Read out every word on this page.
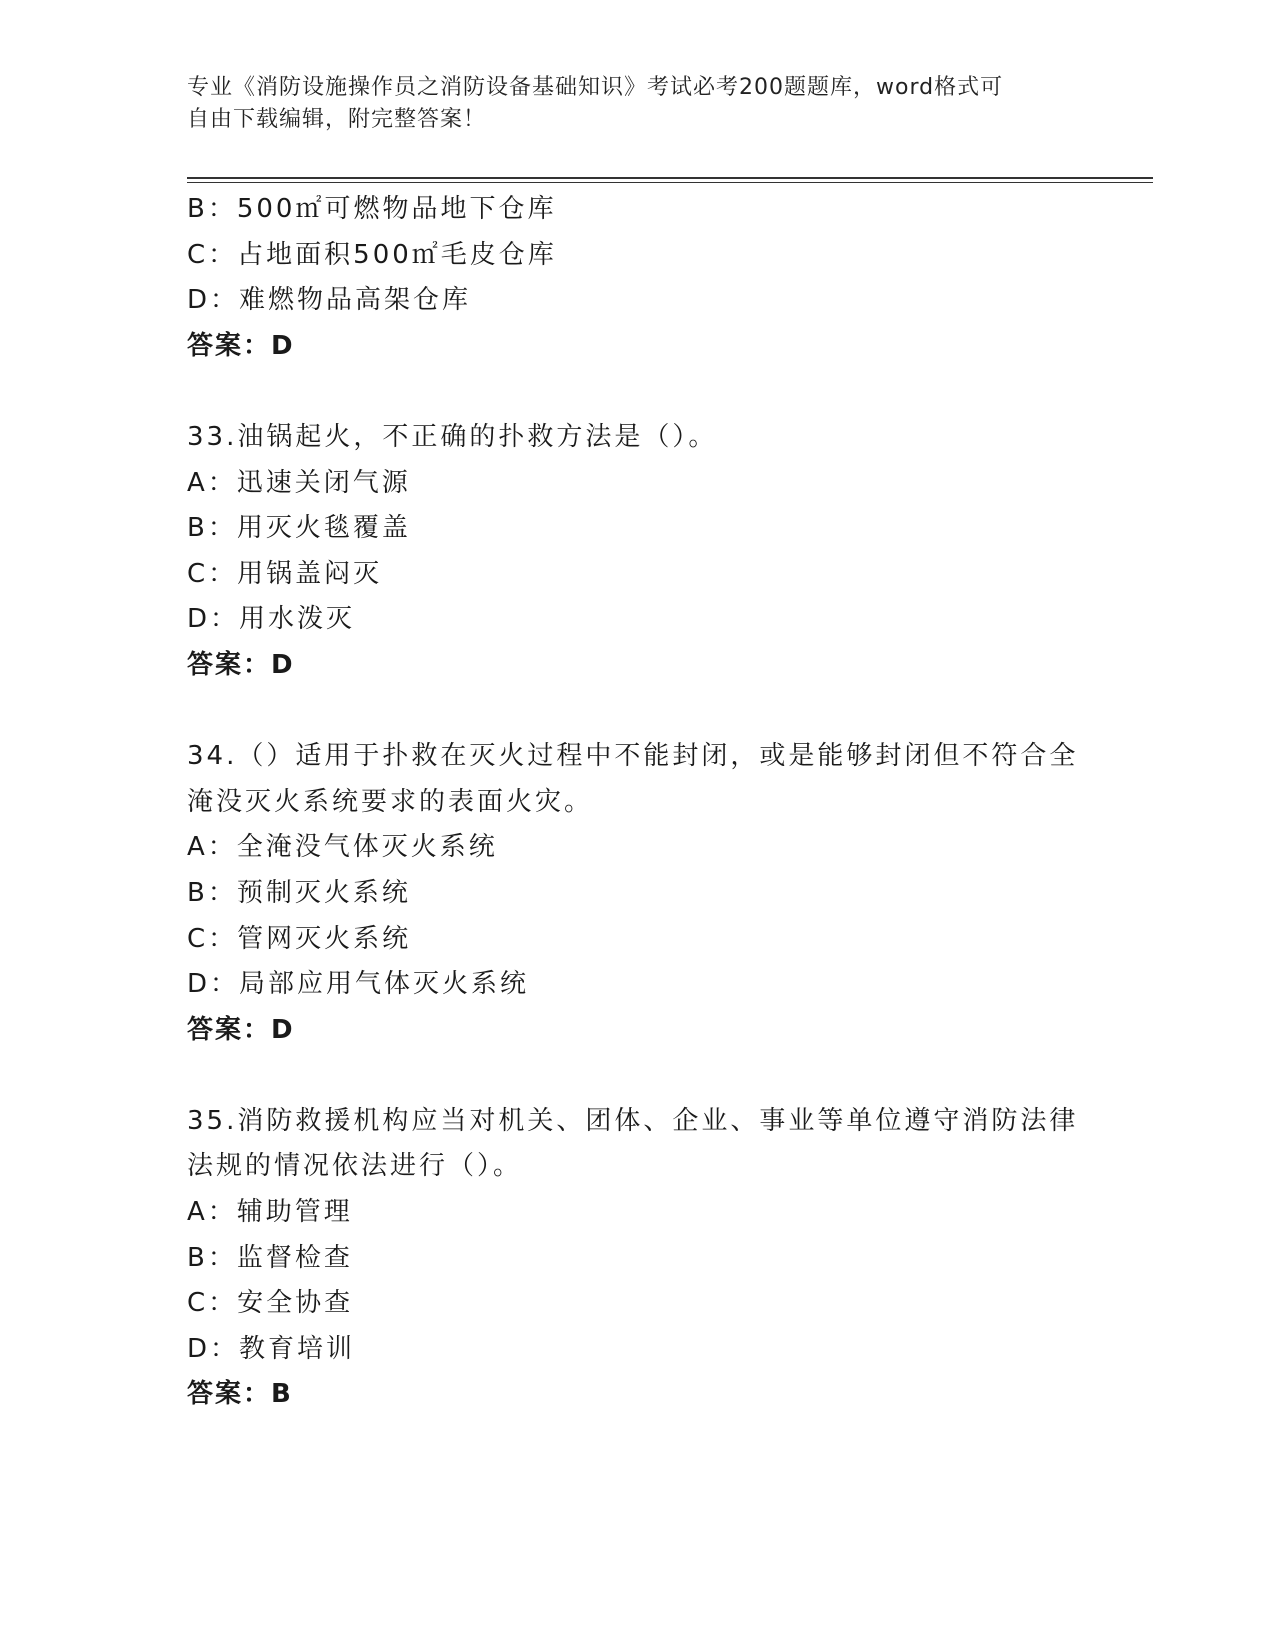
专业《消防设施操作员之消防设备基础知识》考试必考200题题库，word格式可
自由下载编辑，附完整答案！
B：500㎡可燃物品地下仓库
C：占地面积500㎡毛皮仓库
D：难燃物品高架仓库
答案：D
33.油锅起火，不正确的扑救方法是（）。
A：迅速关闭气源
B：用灭火毯覆盖
C：用锅盖闷灭
D：用水泼灭
答案：D
34.（）适用于扑救在灭火过程中不能封闭，或是能够封闭但不符合全
淹没灭火系统要求的表面火灾。
A：全淹没气体灭火系统
B：预制灭火系统
C：管网灭火系统
D：局部应用气体灭火系统
答案：D
35.消防救援机构应当对机关、团体、企业、事业等单位遵守消防法律
法规的情况依法进行（）。
A：辅助管理
B：监督检查
C：安全协查
D：教育培训
答案：B
